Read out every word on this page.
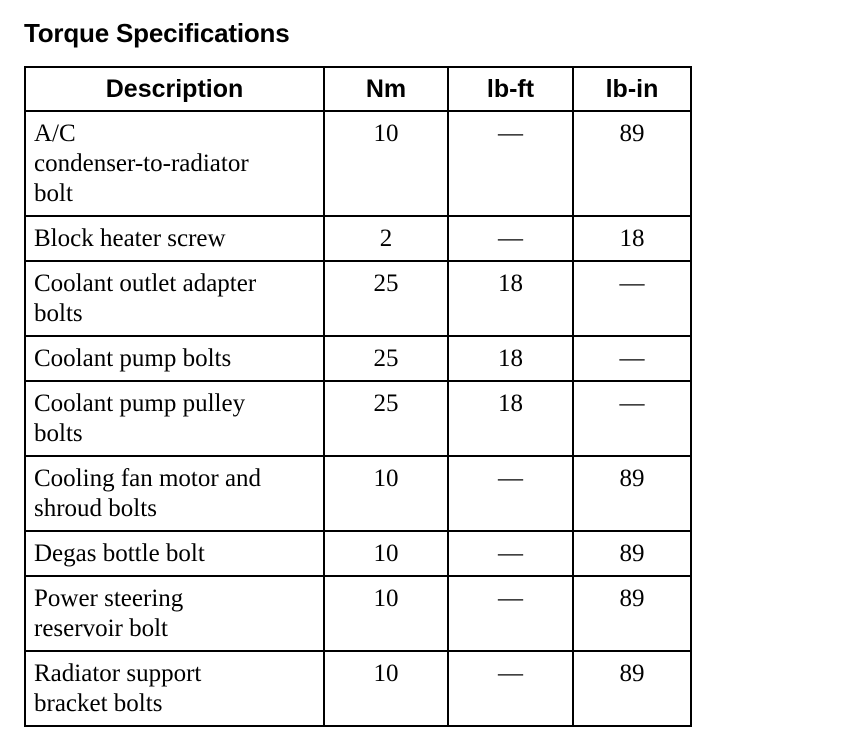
Torque Specifications
Description	Nm	lb-ft	lb-in

A/C
condenser-to-radiator
bolt	10	—	89

Block heater screw	2	—	18

Coolant outlet adapter
bolts	25	18	—

Coolant pump bolts	25	18	—

Coolant pump pulley
bolts	25	18	—

Cooling fan motor and
shroud bolts	10	—	89

Degas bottle bolt	10	—	89

Power steering
reservoir bolt	10	—	89

Radiator support
bracket bolts	10	—	89
